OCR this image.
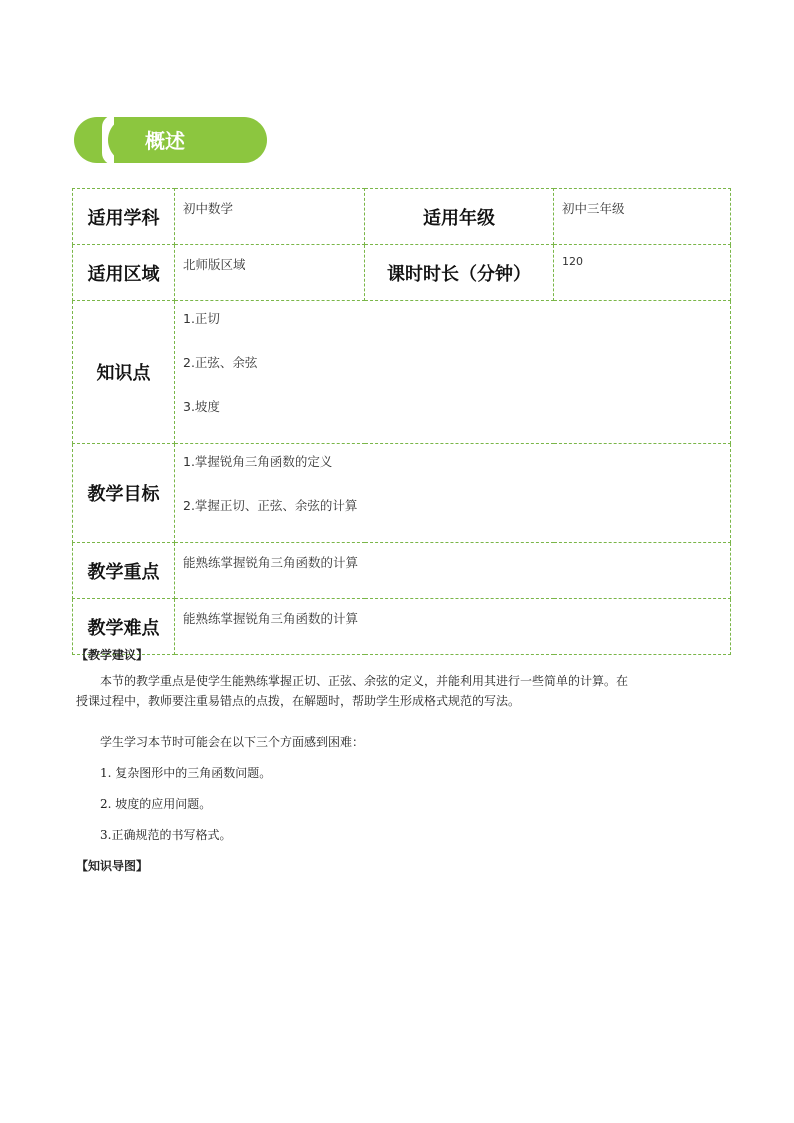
概述
适用学科	初中数学	适用年级	初中三年级
适用区域	北师版区域	课时时长（分钟）	120
知识点	1.正切
2.正弦、余弦
3.坡度		

教学目标	1.掌握锐角三角函数的定义
2.掌握正切、正弦、余弦的计算		

教学重点	能熟练掌握锐角三角函数的计算		
教学难点	能熟练掌握锐角三角函数的计算		
【教学建议】
本节的教学重点是使学生能熟练掌握正切、正弦、余弦的定义，并能利用其进行一些简单的计算。在
授课过程中，教师要注重易错点的点拨，在解题时，帮助学生形成格式规范的写法。
学生学习本节时可能会在以下三个方面感到困难：
1. 复杂图形中的三角函数问题。
2. 坡度的应用问题。
3.正确规范的书写格式。
【知识导图】
